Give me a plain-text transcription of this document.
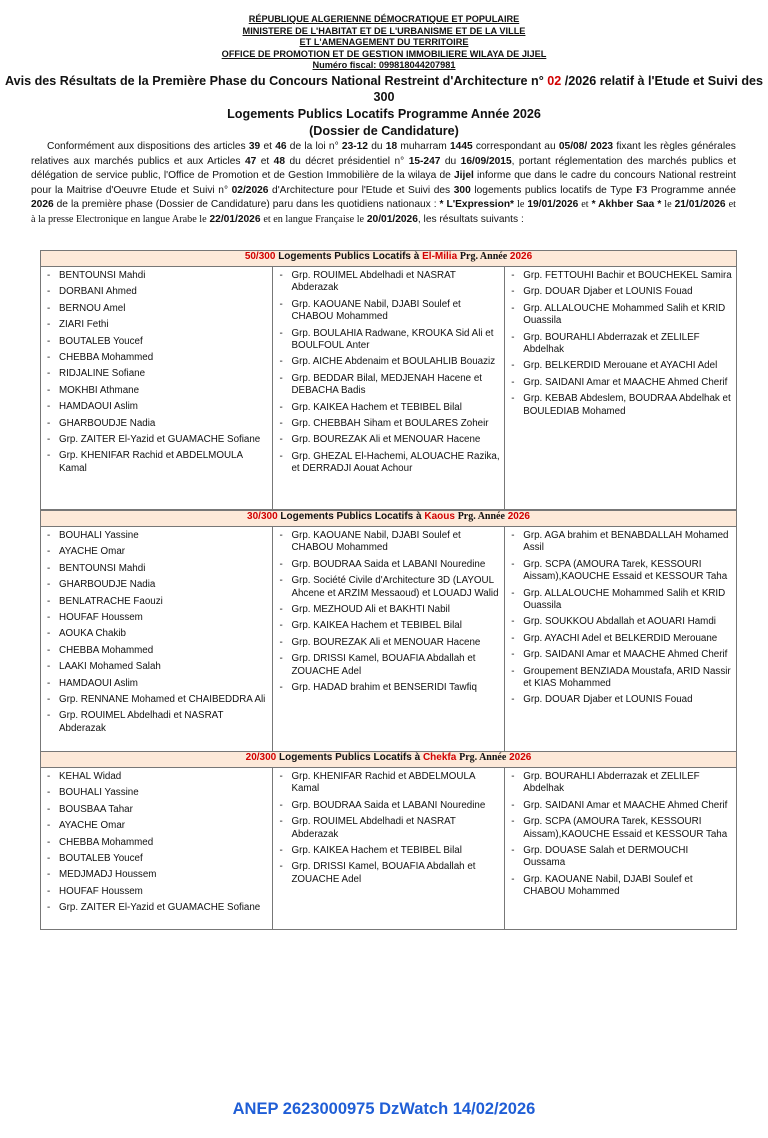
RÉPUBLIQUE ALGERIENNE DÉMOCRATIQUE ET POPULAIRE
MINISTERE DE L'HABITAT ET DE L'URBANISME ET DE LA VILLE
ET L'AMENAGEMENT DU TERRITOIRE
OFFICE DE PROMOTION ET DE GESTION IMMOBILIERE WILAYA DE JIJEL
Numéro fiscal: 099818044207981
Avis des Résultats de la Première Phase du Concours National Restreint d'Architecture n° 02 /2026 relatif à l'Etude et Suivi des 300
Logements Publics Locatifs Programme Année 2026
(Dossier de Candidature)

Conformément aux dispositions des articles 39 et 46 de la loi n° 23-12 du 18 muharram 1445 correspondant au 05/08/ 2023 fixant les règles générales relatives aux marchés publics et aux Articles 47 et 48 du décret présidentiel n° 15-247 du 16/09/2015, portant réglementation des marchés publics et délégation de service public, l'Office de Promotion et de Gestion Immobilière de la wilaya de Jijel informe que dans le cadre du concours National restreint pour la Maitrise d'Oeuvre Etude et Suivi n° 02/2026 d'Architecture pour l'Etude et Suivi des 300 logements publics locatifs de Type F3 Programme année 2026 de la première phase (Dossier de Candidature) paru dans les quotidiens nationaux : * L'Expression* le 19/01/2026 et * Akhber Saa * le 21/01/2026 et à la presse Electronique en langue Arabe le 22/01/2026 et en langue Française le 20/01/2026, les résultats suivants :

50/300 Logements Publics Locatifs à El-Milia Prg. Année 2026

- BENTOUNSI Mahdi
- DORBANI Ahmed
- BERNOU Amel
- ZIARI Fethi
- BOUTALEB Youcef
- CHEBBA Mohammed
- RIDJALINE Sofiane
- MOKHBI Athmane
- HAMDAOUI Aslim
- GHARBOUDJE Nadia
- Grp. ZAITER El-Yazid et GUAMACHE Sofiane
- Grp. KHENIFAR Rachid et ABDELMOULA Kamal

- Grp. ROUIMEL Abdelhadi et NASRAT Abderazak
- Grp. KAOUANE Nabil, DJABI Soulef et CHABOU Mohammed
- Grp. BOULAHIA Radwane, KROUKA Sid Ali et BOULFOUL Anter
- Grp. AICHE Abdenaim et BOULAHLIB Bouaziz
- Grp. BEDDAR Bilal, MEDJENAH Hacene et DEBACHA Badis
- Grp. KAIKEA Hachem et TEBIBEL Bilal
- Grp. CHEBBAH Siham et BOULARES Zoheir
- Grp. BOUREZAK Ali et MENOUAR Hacene
- Grp. GHEZAL El-Hachemi, ALOUACHE Razika, et DERRADJI Aouat Achour

- Grp. FETTOUHI Bachir et BOUCHEKEL Samira
- Grp. DOUAR Djaber et LOUNIS Fouad
- Grp. ALLALOUCHE Mohammed Salih et KRID Ouassila
- Grp. BOURAHLI Abderrazak et ZELILEF Abdelhak
- Grp. BELKERDID Merouane et AYACHI Adel
- Grp. SAIDANI Amar et MAACHE Ahmed Cherif
- Grp. KEBAB Abdeslem, BOUDRAA Abdelhak et BOULEDIAB Mohamed
30/300 Logements Publics Locatifs à Kaous Prg. Année 2026

- BOUHALI Yassine
- AYACHE Omar
- BENTOUNSI Mahdi
- GHARBOUDJE Nadia
- BENLATRACHE Faouzi
- HOUFAF Houssem
- AOUKA Chakib
- CHEBBA Mohammed
- LAAKI Mohamed Salah
- HAMDAOUI Aslim
- Grp. RENNANE Mohamed et CHAIBEDDRA Ali
- Grp. ROUIMEL Abdelhadi et NASRAT Abderazak

- Grp. KAOUANE Nabil, DJABI Soulef et CHABOU Mohammed
- Grp. BOUDRAA Saida et LABANI Nouredine
- Grp. Société Civile d'Architecture 3D (LAYOUL Ahcene et ARZIM Messaoud) et LOUADJ Walid
- Grp. MEZHOUD Ali et BAKHTI Nabil
- Grp. KAIKEA Hachem et TEBIBEL Bilal
- Grp. BOUREZAK Ali et MENOUAR Hacene
- Grp. DRISSI Kamel, BOUAFIA Abdallah et ZOUACHE Adel
- Grp. HADAD brahim et BENSERIDI Tawfiq

- Grp. AGA brahim et BENABDALLAH Mohamed Assil
- Grp. SCPA (AMOURA Tarek, KESSOURI Aissam),KAOUCHE Essaid et KESSOUR Taha
- Grp. ALLALOUCHE Mohammed Salih et KRID Ouassila
- Grp. SOUKKOU Abdallah et AOUARI Hamdi
- Grp. AYACHI Adel et BELKERDID Merouane
- Grp. SAIDANI Amar et MAACHE Ahmed Cherif
- Groupement BENZIADA Moustafa, ARID Nassir et KIAS Mohammed
- Grp. DOUAR Djaber et LOUNIS Fouad
20/300 Logements Publics Locatifs à Chekfa Prg. Année 2026

- KEHAL Widad
- BOUHALI Yassine
- BOUSBAA Tahar
- AYACHE Omar
- CHEBBA Mohammed
- BOUTALEB Youcef
- MEDJMADJ Houssem
- HOUFAF Houssem
- Grp. ZAITER El-Yazid et GUAMACHE Sofiane

- Grp. KHENIFAR Rachid et ABDELMOULA Kamal
- Grp. BOUDRAA Saida et LABANI Nouredine
- Grp. ROUIMEL Abdelhadi et NASRAT Abderazak
- Grp. KAIKEA Hachem et TEBIBEL Bilal
- Grp. DRISSI Kamel, BOUAFIA Abdallah et ZOUACHE Adel

- Grp. BOURAHLI Abderrazak et ZELILEF Abdelhak
- Grp. SAIDANI Amar et MAACHE Ahmed Cherif
- Grp. SCPA (AMOURA Tarek, KESSOURI Aissam),KAOUCHE Essaid et KESSOUR Taha
- Grp. DOUASE Salah et DERMOUCHI Oussama
- Grp. KAOUANE Nabil, DJABI Soulef et CHABOU Mohammed
ANEP 2623000975 DzWatch 14/02/2026
